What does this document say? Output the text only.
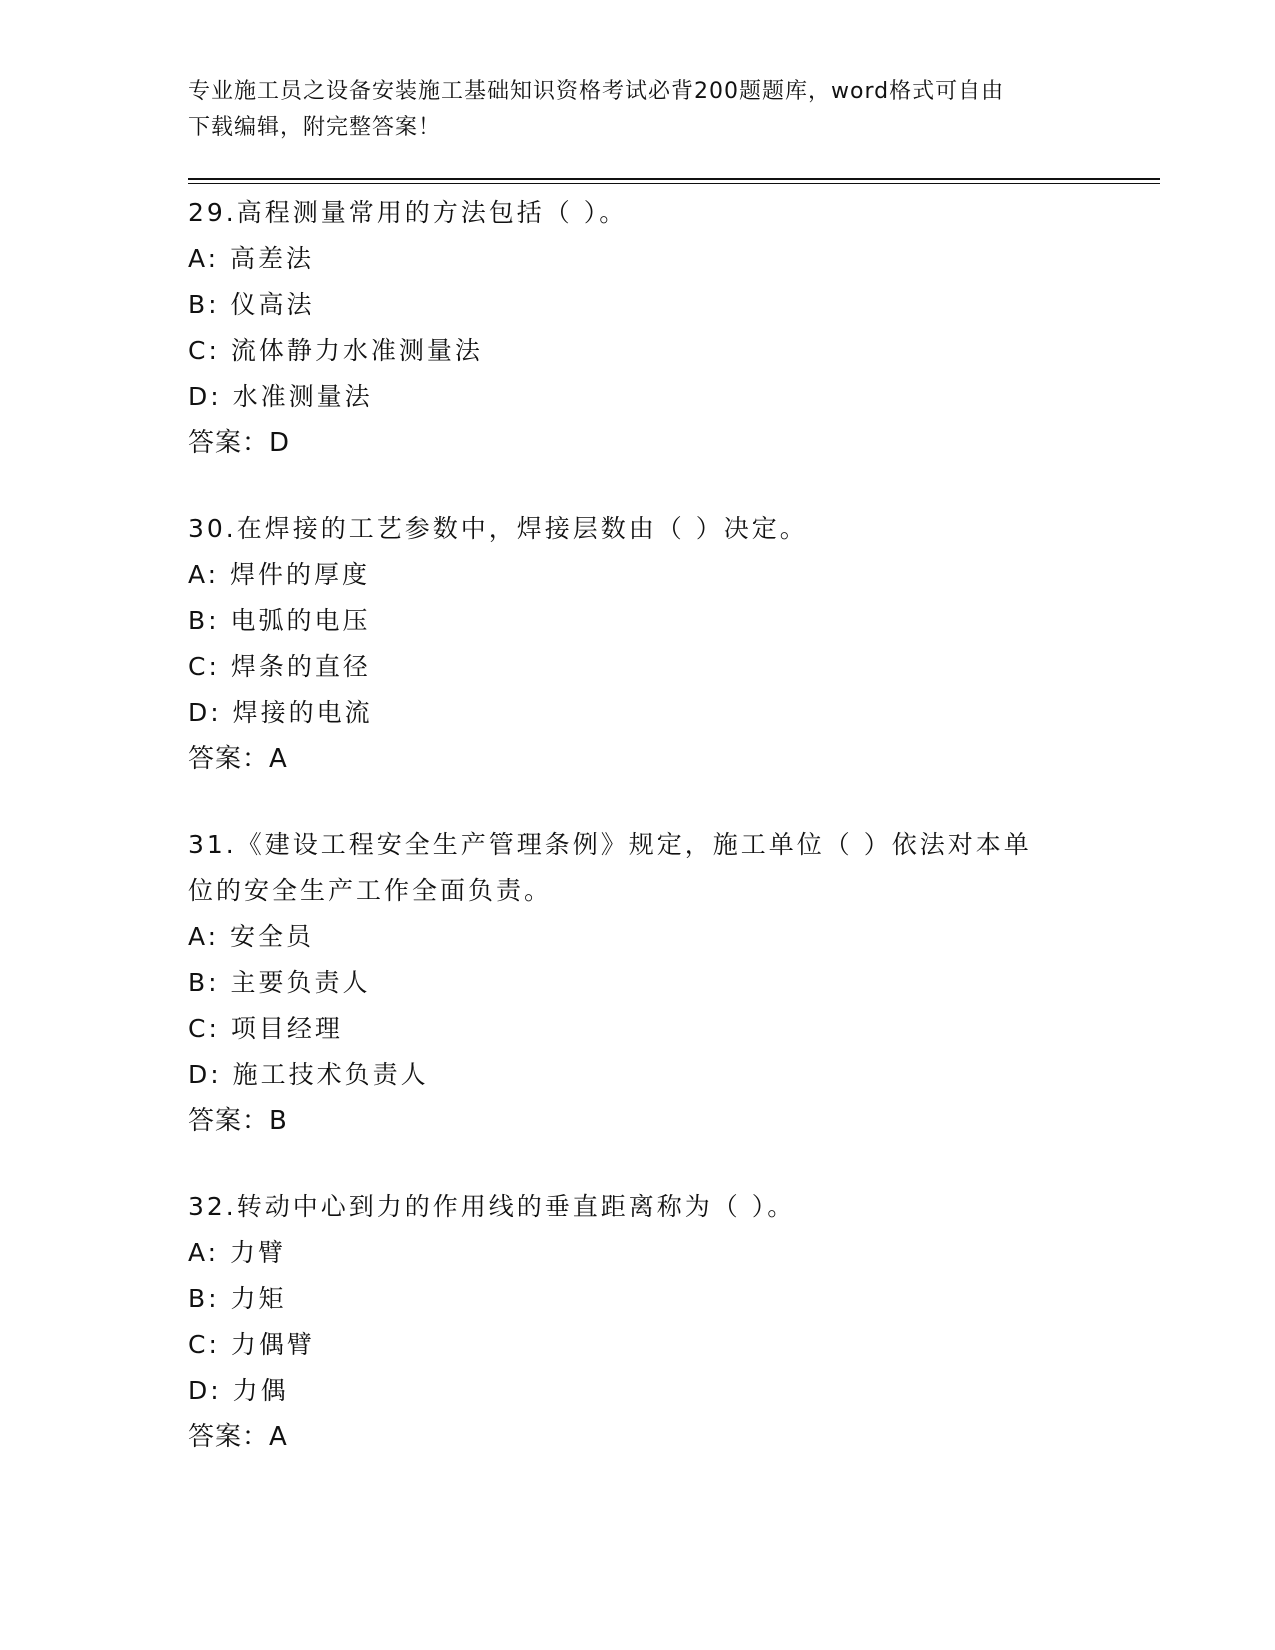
专业施工员之设备安装施工基础知识资格考试必背200题题库，word格式可自由
下载编辑，附完整答案！
29.高程测量常用的方法包括（ ）。
A: 高差法
B: 仪高法
C: 流体静力水准测量法
D: 水准测量法
答案：D
30.在焊接的工艺参数中，焊接层数由（ ）决定。
A: 焊件的厚度
B: 电弧的电压
C: 焊条的直径
D: 焊接的电流
答案：A
31.《建设工程安全生产管理条例》规定，施工单位（ ）依法对本单
位的安全生产工作全面负责。
A: 安全员
B: 主要负责人
C: 项目经理
D: 施工技术负责人
答案：B
32.转动中心到力的作用线的垂直距离称为（ ）。
A: 力臂
B: 力矩
C: 力偶臂
D: 力偶
答案：A
